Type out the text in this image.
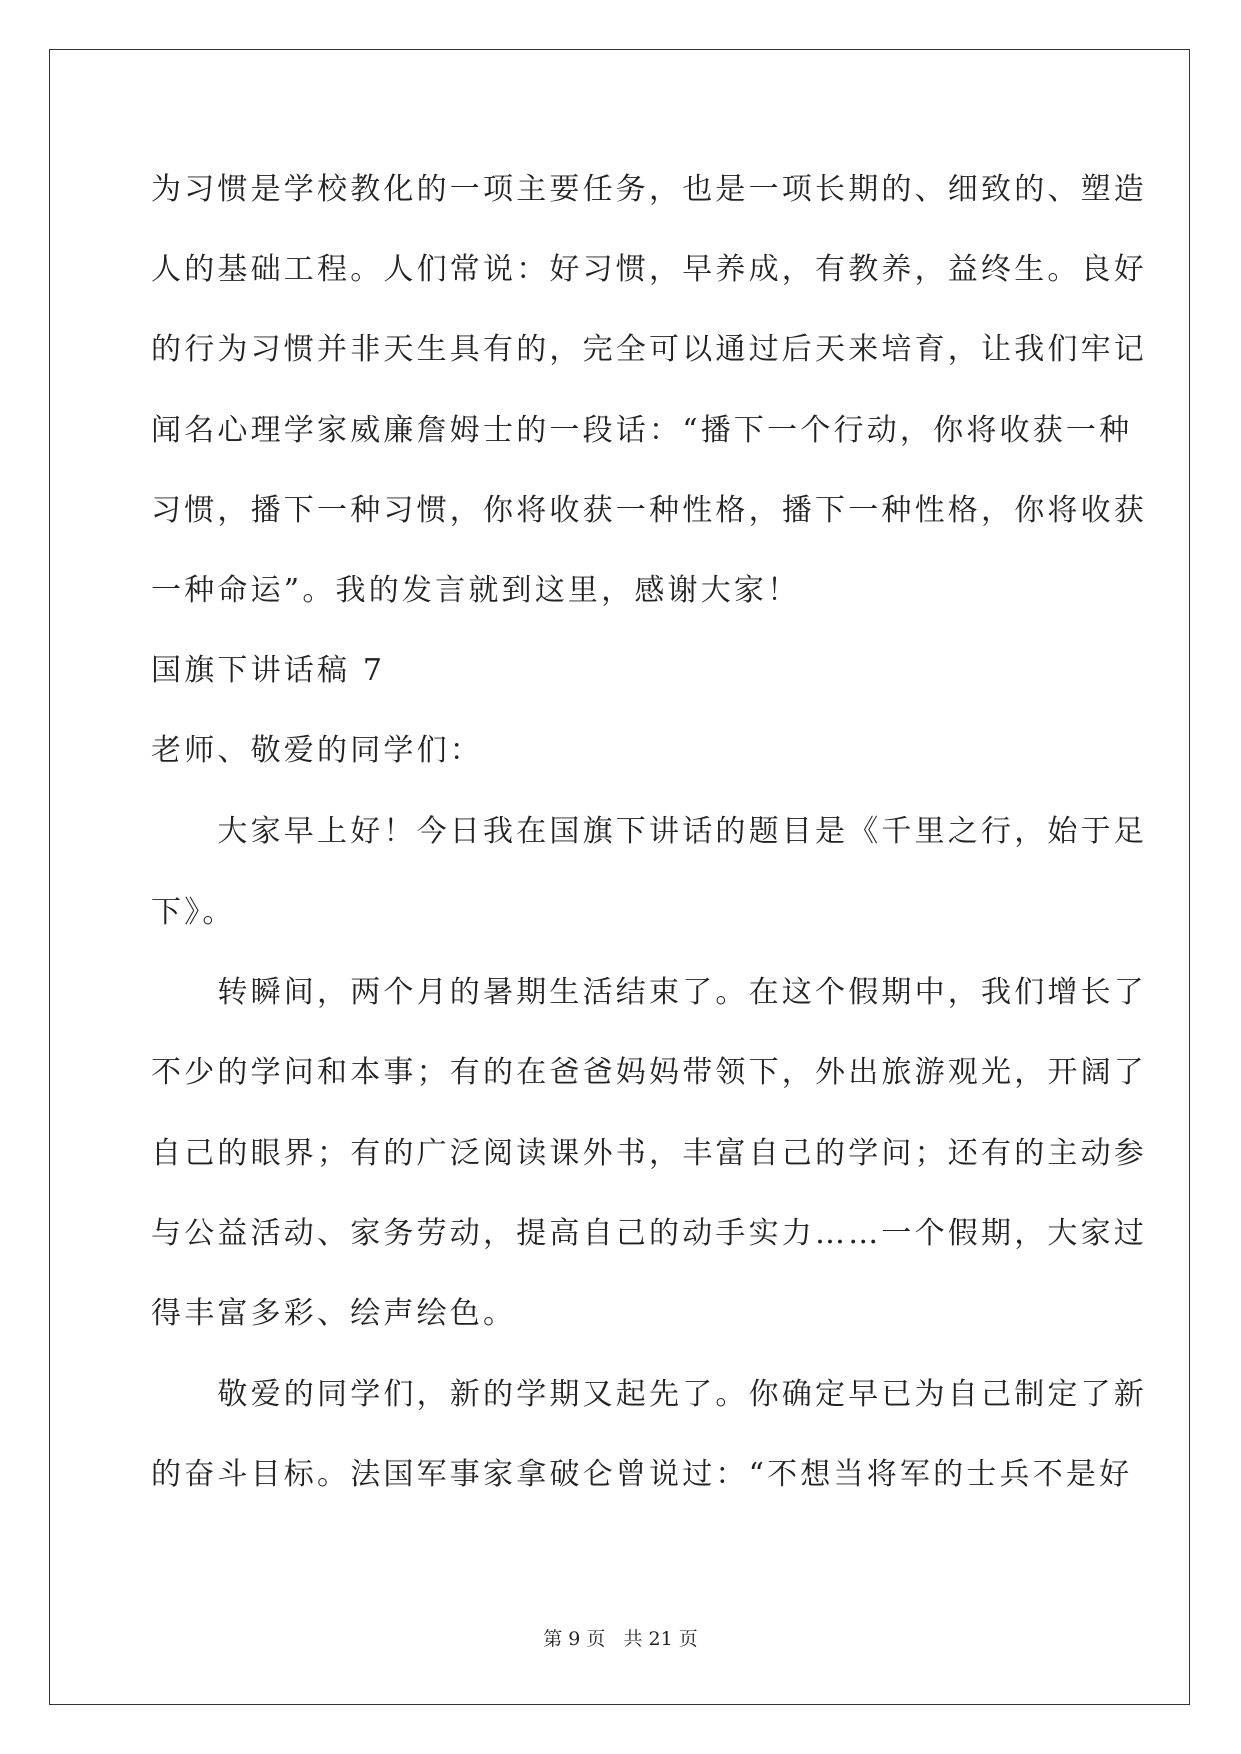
为习惯是学校教化的一项主要任务，也是一项长期的、细致的、塑造
人的基础工程。人们常说：好习惯，早养成，有教养，益终生。良好
的行为习惯并非天生具有的，完全可以通过后天来培育，让我们牢记
闻名心理学家威廉詹姆士的一段话：“播下一个行动，你将收获一种
习惯，播下一种习惯，你将收获一种性格，播下一种性格，你将收获
一种命运”。我的发言就到这里，感谢大家！
国旗下讲话稿 7
老师、敬爱的同学们：
　　大家早上好！今日我在国旗下讲话的题目是《千里之行，始于足
下》。
　　转瞬间，两个月的暑期生活结束了。在这个假期中，我们增长了
不少的学问和本事；有的在爸爸妈妈带领下，外出旅游观光，开阔了
自己的眼界；有的广泛阅读课外书，丰富自己的学问；还有的主动参
与公益活动、家务劳动，提高自己的动手实力……一个假期，大家过
得丰富多彩、绘声绘色。
　　敬爱的同学们，新的学期又起先了。你确定早已为自己制定了新
的奋斗目标。法国军事家拿破仑曾说过：“不想当将军的士兵不是好
第 9 页 共 21 页
